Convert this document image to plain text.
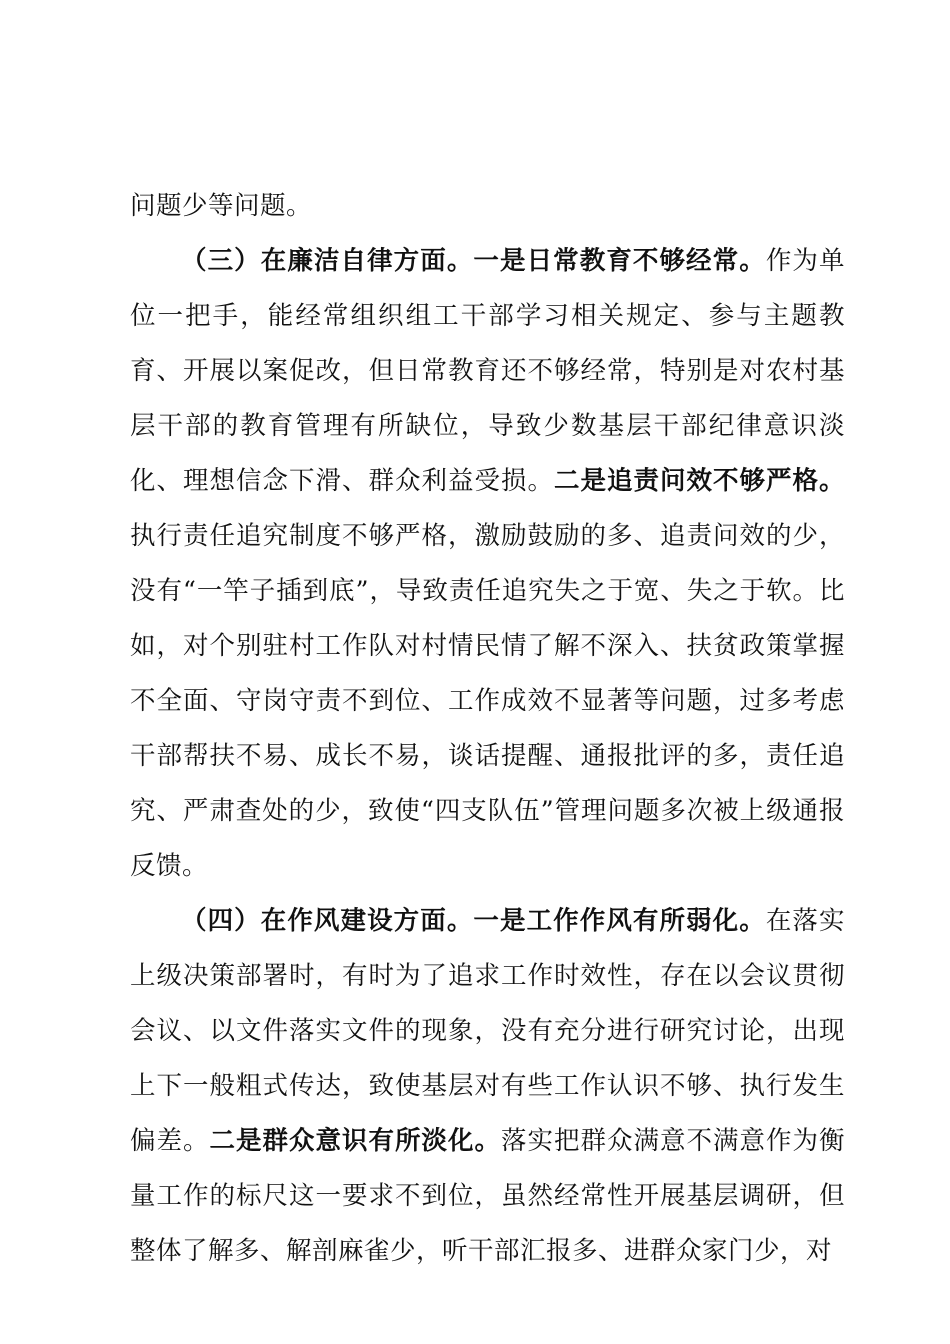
问题少等问题。

（三）在廉洁自律方面。一是日常教育不够经常。作为单位一把手，能经常组织组工干部学习相关规定、参与主题教育、开展以案促改，但日常教育还不够经常，特别是对农村基层干部的教育管理有所缺位，导致少数基层干部纪律意识淡化、理想信念下滑、群众利益受损。二是追责问效不够严格。执行责任追究制度不够严格，激励鼓励的多、追责问效的少，没有“一竿子插到底”，导致责任追究失之于宽、失之于软。比如，对个别驻村工作队对村情民情了解不深入、扶贫政策掌握不全面、守岗守责不到位、工作成效不显著等问题，过多考虑干部帮扶不易、成长不易，谈话提醒、通报批评的多，责任追究、严肃查处的少，致使“四支队伍”管理问题多次被上级通报反馈。

（四）在作风建设方面。一是工作作风有所弱化。在落实上级决策部署时，有时为了追求工作时效性，存在以会议贯彻会议、以文件落实文件的现象，没有充分进行研究讨论，出现上下一般粗式传达，致使基层对有些工作认识不够、执行发生偏差。二是群众意识有所淡化。落实把群众满意不满意作为衡量工作的标尺这一要求不到位，虽然经常性开展基层调研，但整体了解多、解剖麻雀少，听干部汇报多、进群众家门少，对
